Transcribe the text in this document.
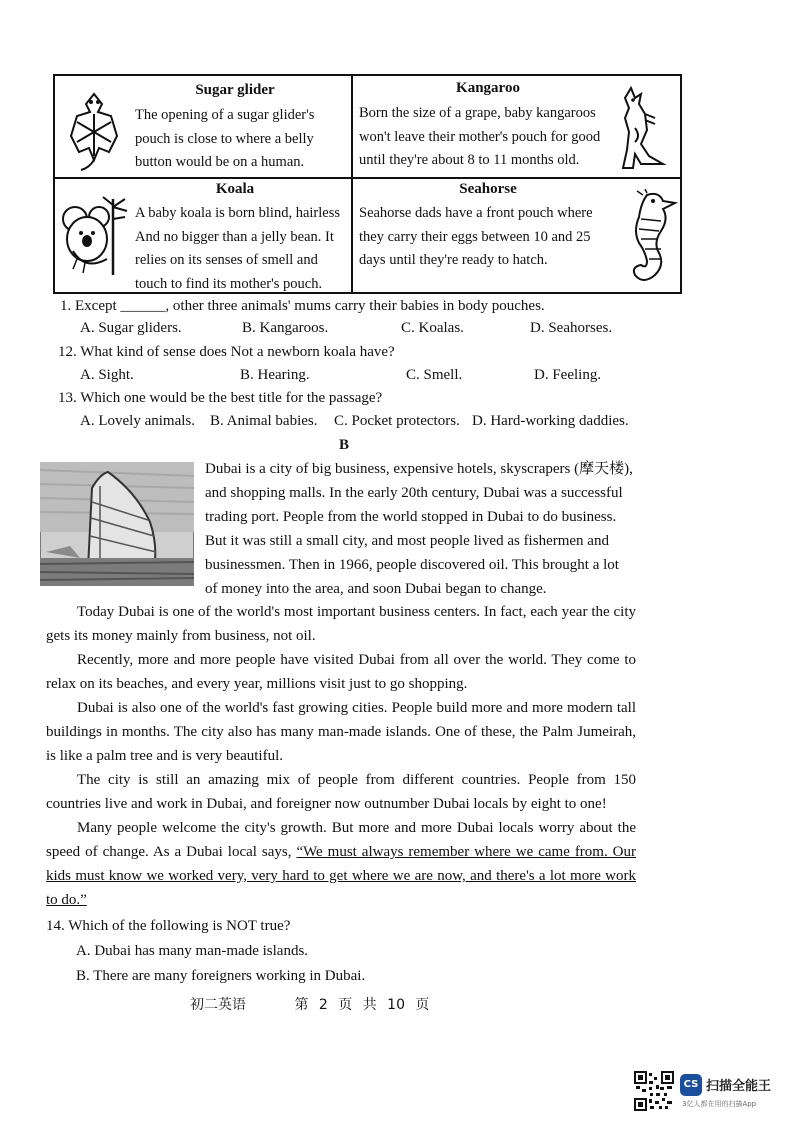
Sugar glider
The opening of a sugar glider's
pouch is close to where a belly
button would be on a human.
Kangaroo
Born the size of a grape, baby kangaroos
won't leave their mother's pouch for good
until they're about 8 to 11 months old.
Koala
A baby koala is born blind, hairless
And no bigger than a jelly bean. It
relies on its senses of smell and
touch to find its mother's pouch.
Seahorse
Seahorse dads have a front pouch where
they carry their eggs between 10 and 25
days until they're ready to hatch.
1. Except ______, other three animals' mums carry their babies in body pouches.
A. Sugar gliders.	B. Kangaroos.	C. Koalas.	D. Seahorses.
12. What kind of sense does Not a newborn koala have?
A. Sight.	B. Hearing.	C. Smell.	D. Feeling.
13. Which one would be the best title for the passage?
A. Lovely animals. B. Animal babies. C. Pocket protectors. D. Hard-working daddies.
B
Dubai is a city of big business, expensive hotels, skyscrapers (摩天楼),
and shopping malls. In the early 20th century, Dubai was a successful
trading port. People from the world stopped in Dubai to do business.
But it was still a small city, and most people lived as fishermen and
businessmen. Then in 1966, people discovered oil. This brought a lot
of money into the area, and soon Dubai began to change.

Today Dubai is one of the world's most important business centers. In fact, each year the city gets its money mainly from business, not oil.

Recently, more and more people have visited Dubai from all over the world. They come to relax on its beaches, and every year, millions visit just to go shopping.

Dubai is also one of the world's fast growing cities. People build more and more modern tall buildings in months. The city also has many man-made islands. One of these, the Palm Jumeirah, is like a palm tree and is very beautiful.

The city is still an amazing mix of people from different countries. People from 150 countries live and work in Dubai, and foreigner now outnumber Dubai locals by eight to one!

Many people welcome the city's growth. But more and more Dubai locals worry about the speed of change. As a Dubai local says, “We must always remember where we came from. Our kids must know we worked very, very hard to get where we are now, and there's a lot more work to do.”

14. Which of the following is NOT true?
A. Dubai has many man-made islands.
B. There are many foreigners working in Dubai.
初二英语	第 2 页 共 10 页
CS 扫描全能王
3亿人都在用的扫描App
